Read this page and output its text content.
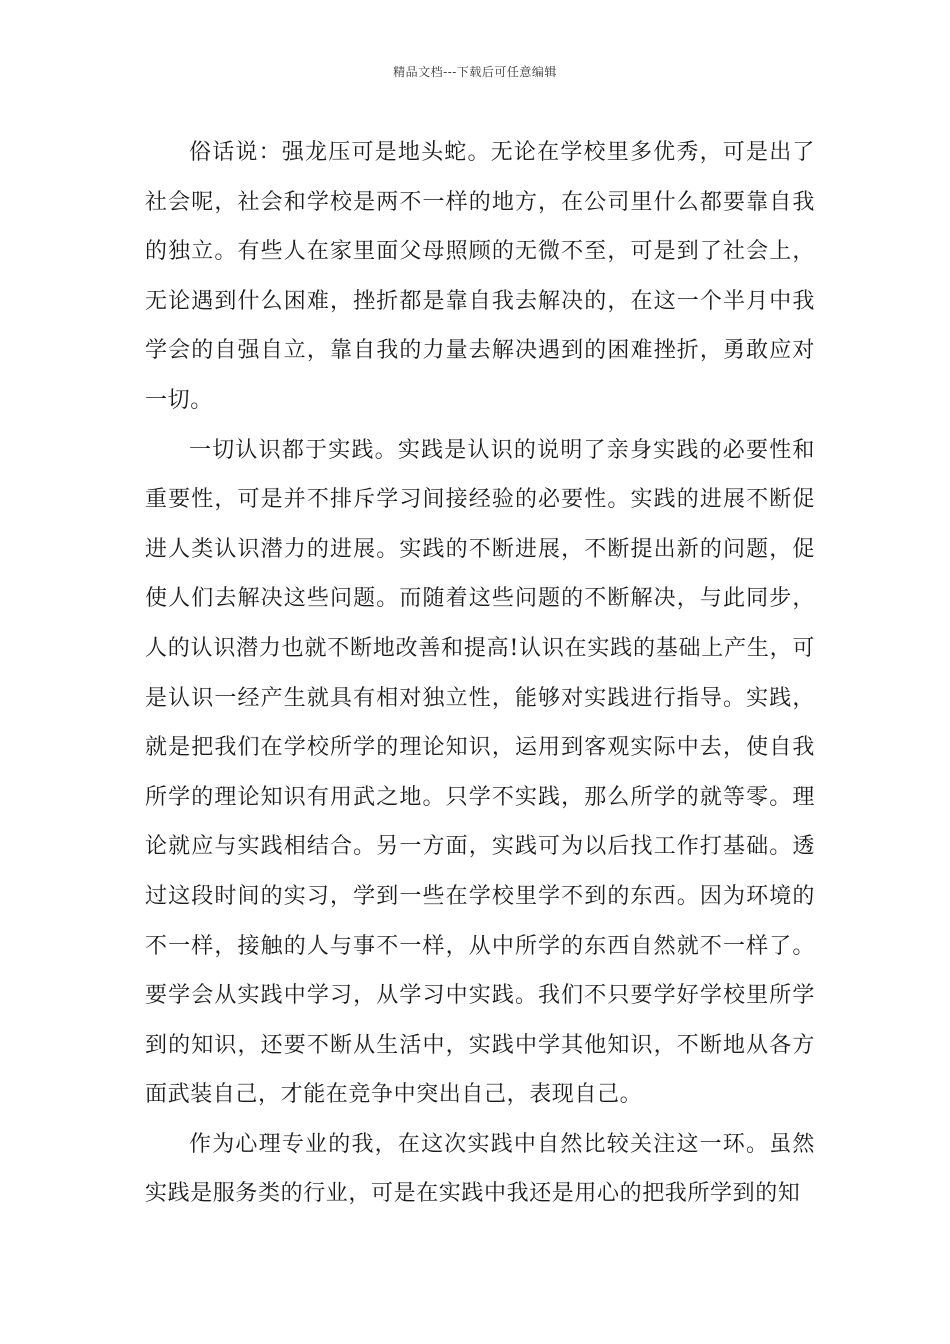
精品文档---下载后可任意编辑

俗话说：强龙压可是地头蛇。无论在学校里多优秀，可是出了社会呢，社会和学校是两不一样的地方，在公司里什么都要靠自我的独立。有些人在家里面父母照顾的无微不至，可是到了社会上，无论遇到什么困难，挫折都是靠自我去解决的，在这一个半月中我学会的自强自立，靠自我的力量去解决遇到的困难挫折，勇敢应对一切。

一切认识都于实践。实践是认识的说明了亲身实践的必要性和重要性，可是并不排斥学习间接经验的必要性。实践的进展不断促进人类认识潜力的进展。实践的不断进展，不断提出新的问题，促使人们去解决这些问题。而随着这些问题的不断解决，与此同步，人的认识潜力也就不断地改善和提高!认识在实践的基础上产生，可是认识一经产生就具有相对独立性，能够对实践进行指导。实践，就是把我们在学校所学的理论知识，运用到客观实际中去，使自我所学的理论知识有用武之地。只学不实践，那么所学的就等零。理论就应与实践相结合。另一方面，实践可为以后找工作打基础。透过这段时间的实习，学到一些在学校里学不到的东西。因为环境的不一样，接触的人与事不一样，从中所学的东西自然就不一样了。要学会从实践中学习，从学习中实践。我们不只要学好学校里所学到的知识，还要不断从生活中，实践中学其他知识，不断地从各方面武装自己，才能在竞争中突出自己，表现自己。

作为心理专业的我，在这次实践中自然比较关注这一环。虽然实践是服务类的行业，可是在实践中我还是用心的把我所学到的知
